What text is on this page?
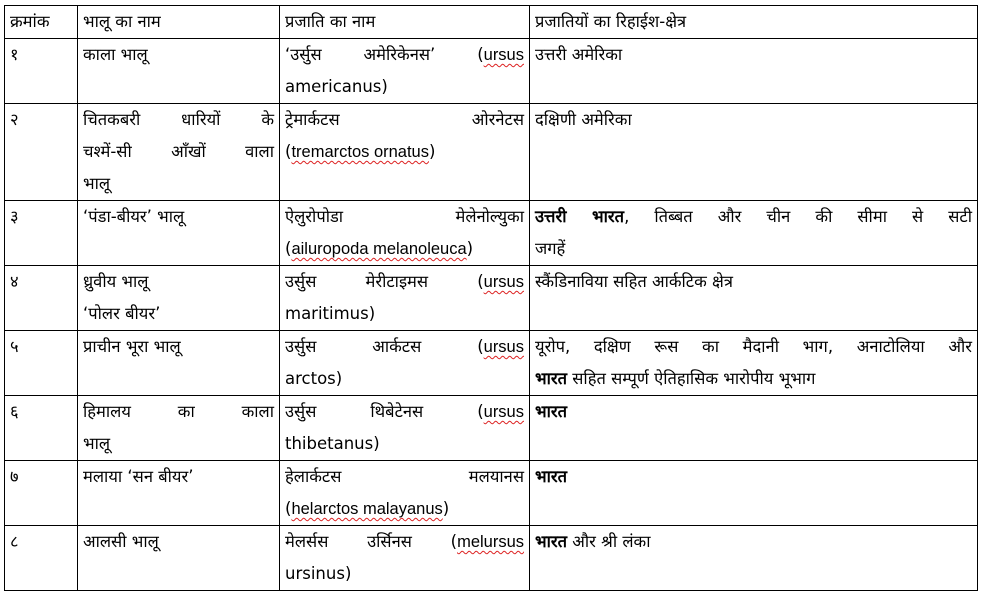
क्रमांक	भालू का नाम	प्रजाति का नाम	प्रजातियों का रिहाईश-क्षेत्र
१	काला भालू	‘उर्सुस अमेरिकेनस’ (ursus
americanus)	उत्तरी अमेरिका

२	चितकबरी धारियों के
चश्में-सी आँखों वाला
भालू	ट्रेमार्कटस ओरनेटस
(tremarctos ornatus)	दक्षिणी अमेरिका

३	‘पंडा-बीयर’ भालू	ऐलुरोपोडा मेलेनोल्युका
(ailuropoda melanoleuca)	उत्तरी भारत, तिब्बत और चीन की सीमा से सटी
जगहें

४	ध्रुवीय भालू
‘पोलर बीयर’	उर्सुस मेरीटाइमस (ursus
maritimus)	स्कैंडिनाविया सहित आर्कटिक क्षेत्र

५	प्राचीन भूरा भालू	उर्सुस आर्कटस (ursus
arctos)	यूरोप, दक्षिण रूस का मैदानी भाग, अनाटोलिया और
भारत सहित सम्पूर्ण ऐतिहासिक भारोपीय भूभाग

६	हिमालय का काला
भालू	उर्सुस थिबेटेनस (ursus
thibetanus)	भारत

७	मलाया ‘सन बीयर’	हेलार्कटस मलयानस
(helarctos malayanus)	भारत

८	आलसी भालू	मेलर्सस उर्सिनस (melursus
ursinus)	भारत और श्री लंका
